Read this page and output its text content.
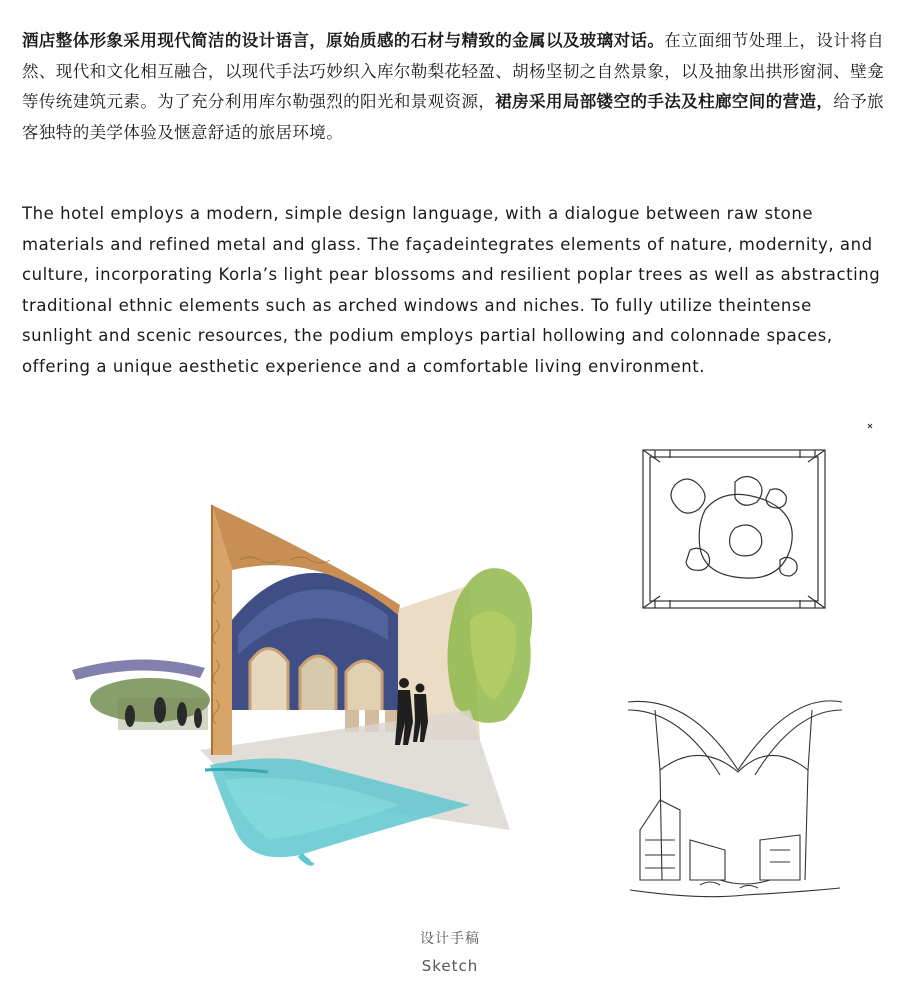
酒店整体形象采用现代简洁的设计语言，原始质感的石材与精致的金属以及玻璃对话。在立面细节处理上，设计将自然、现代和文化相互融合，以现代手法巧妙织入库尔勒梨花轻盈、胡杨坚韧之自然景象，以及抽象出拱形窗洞、壁龛等传统建筑元素。为了充分利用库尔勒强烈的阳光和景观资源，裙房采用局部镂空的手法及柱廊空间的营造，给予旅客独特的美学体验及惬意舒适的旅居环境。
The hotel employs a modern, simple design language, with a dialogue between raw stone materials and refined metal and glass. The façadeintegrates elements of nature, modernity, and culture, incorporating Korla’s light pear blossoms and resilient poplar trees as well as abstracting traditional ethnic elements such as arched windows and niches. To fully utilize theintense sunlight and scenic resources, the podium employs partial hollowing and colonnade spaces, offering a unique aesthetic experience and a comfortable living environment.
设计手稿
Sketch
